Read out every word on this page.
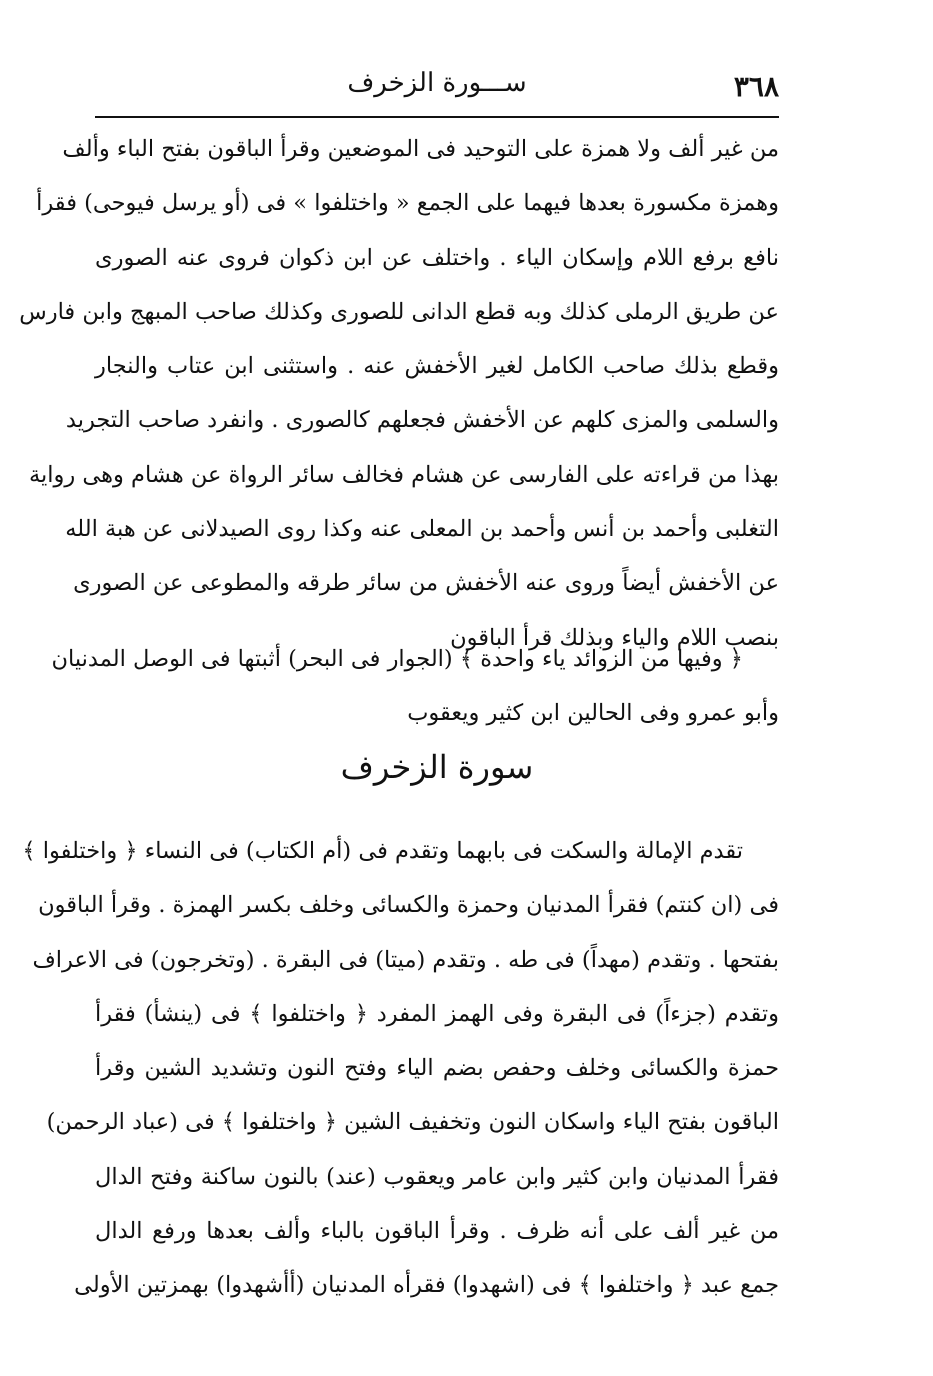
٣٦٨
ســـورة الزخرف
من غير ألف ولا همزة على التوحيد فى الموضعين وقرأ الباقون بفتح الباء وألف
وهمزة مكسورة بعدها فيهما على الجمع « واختلفوا » فى (أو يرسل فيوحى) فقرأ
نافع برفع اللام وإسكان الياء . واختلف عن ابن ذكوان فروى عنه الصورى
عن طريق الرملى كذلك وبه قطع الدانى للصورى وكذلك صاحب المبهج وابن فارس
وقطع بذلك صاحب الكامل لغير الأخفش عنه . واستثنى ابن عتاب والنجار
والسلمى والمزى كلهم عن الأخفش فجعلهم كالصورى . وانفرد صاحب التجريد
بهذا من قراءته على الفارسى عن هشام فخالف سائر الرواة عن هشام وهى رواية
التغلبى وأحمد بن أنس وأحمد بن المعلى عنه وكذا روى الصيدلانى عن هبة الله
عن الأخفش أيضاً وروى عنه الأخفش من سائر طرقه والمطوعى عن الصورى
بنصب اللام والياء وبذلك قرأ الباقون
﴿ وفيها من الزوائد ياء واحدة ﴾ (الجوار فى البحر) أثبتها فى الوصل المدنيان
وأبو عمرو وفى الحالين ابن كثير ويعقوب
سورة الزخرف
تقدم الإمالة والسكت فى بابهما وتقدم فى (أم الكتاب) فى النساء ﴿ واختلفوا ﴾
فى (ان كنتم) فقرأ المدنيان وحمزة والكسائى وخلف بكسر الهمزة . وقرأ الباقون
بفتحها . وتقدم (مهداً) فى طه . وتقدم (ميتا) فى البقرة . (وتخرجون) فى الاعراف
وتقدم (جزءاً) فى البقرة وفى الهمز المفرد ﴿ واختلفوا ﴾ فى (ينشأ) فقرأ
حمزة والكسائى وخلف وحفص بضم الياء وفتح النون وتشديد الشين وقرأ
الباقون بفتح الياء واسكان النون وتخفيف الشين ﴿ واختلفوا ﴾ فى (عباد الرحمن)
فقرأ المدنيان وابن كثير وابن عامر ويعقوب (عند) بالنون ساكنة وفتح الدال
من غير ألف على أنه ظرف . وقرأ الباقون بالباء وألف بعدها ورفع الدال
جمع عبد ﴿ واختلفوا ﴾ فى (اشهدوا) فقرأه المدنيان (أأشهدوا) بهمزتين الأولى
